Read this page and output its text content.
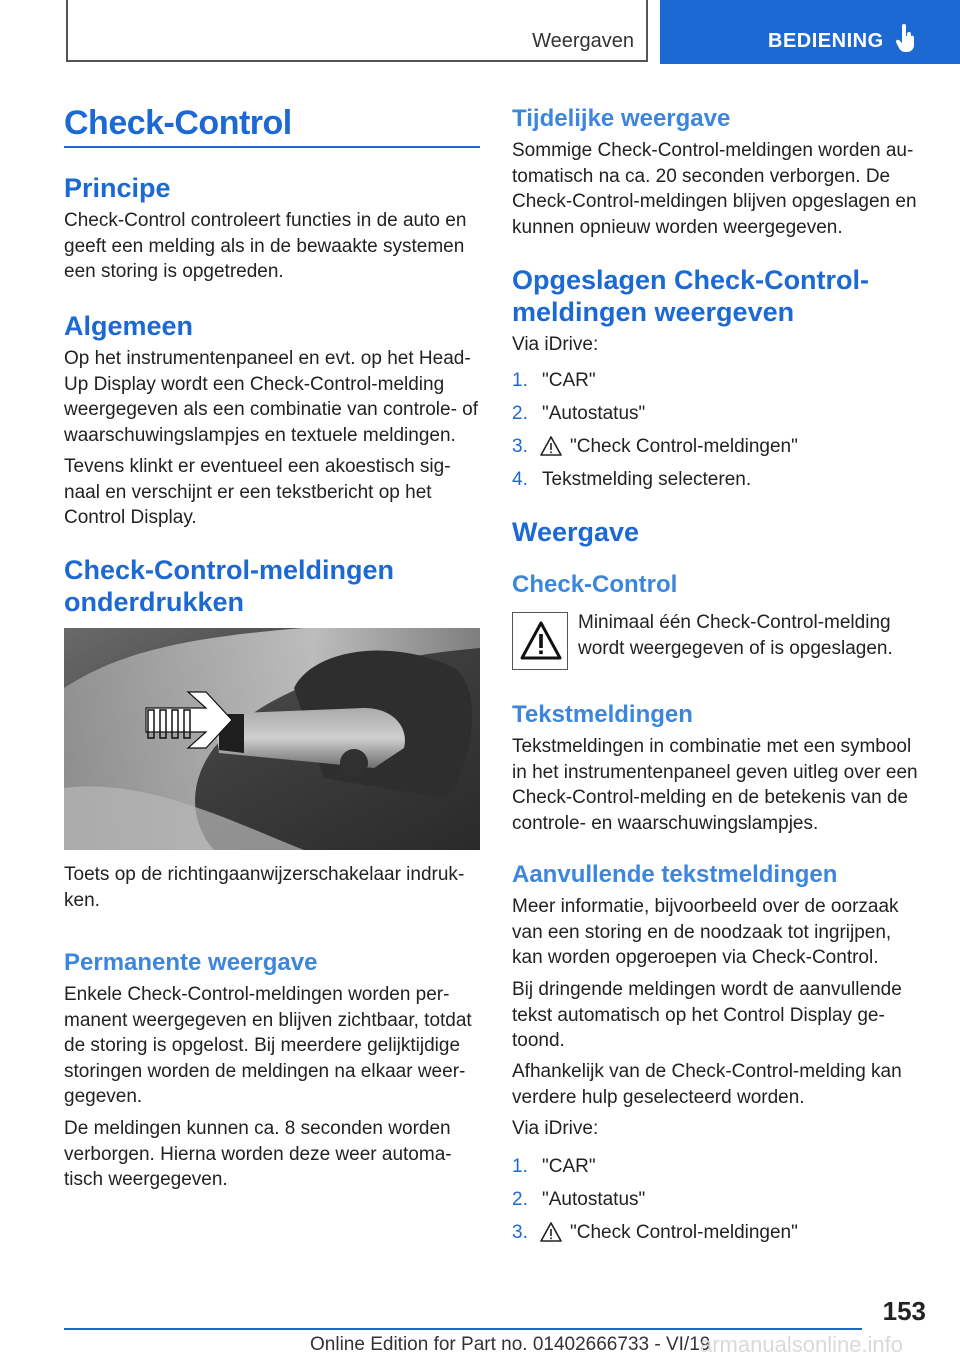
Weergaven	BEDIENING
Check-Control
Principe

Check-Control controleert functies in de auto en geeft een melding als in de bewaakte systemen een storing is opgetreden.

Algemeen

Op het instrumentenpaneel en evt. op het Head-Up Display wordt een Check-Control-melding weergegeven als een combinatie van controle- of waarschuwingslampjes en textuele meldingen.

Tevens klinkt er eventueel een akoestisch signaal en verschijnt er een tekstbericht op het Control Display.

Check-Control-meldingen onderdrukken

Toets op de richtingaanwijzerschakelaar indrukken.

Permanente weergave

Enkele Check-Control-meldingen worden permanent weergegeven en blijven zichtbaar, totdat de storing is opgelost. Bij meerdere gelijktijdige storingen worden de meldingen na elkaar weergegeven.

De meldingen kunnen ca. 8 seconden worden verborgen. Hierna worden deze weer automatisch weergegeven.

Tijdelijke weergave

Sommige Check-Control-meldingen worden automatisch na ca. 20 seconden verborgen. De Check-Control-meldingen blijven opgeslagen en kunnen opnieuw worden weergegeven.

Opgeslagen Check-Control-meldingen weergeven

Via iDrive:

1. "CAR"
2. "Autostatus"
3. "Check Control-meldingen"
4. Tekstmelding selecteren.
Weergave
Check-Control

Minimaal één Check-Control-melding wordt weergegeven of is opgeslagen.

Tekstmeldingen

Tekstmeldingen in combinatie met een symbool in het instrumentenpaneel geven uitleg over een Check-Control-melding en de betekenis van de controle- en waarschuwingslampjes.

Aanvullende tekstmeldingen

Meer informatie, bijvoorbeeld over de oorzaak van een storing en de noodzaak tot ingrijpen, kan worden opgeroepen via Check-Control.

Bij dringende meldingen wordt de aanvullende tekst automatisch op het Control Display getoond.

Afhankelijk van de Check-Control-melding kan verdere hulp geselecteerd worden.

Via iDrive:

1. "CAR"
2. "Autostatus"
3. "Check Control-meldingen"
153
Online Edition for Part no. 01402666733 - VI/19
armanualsonline.info
